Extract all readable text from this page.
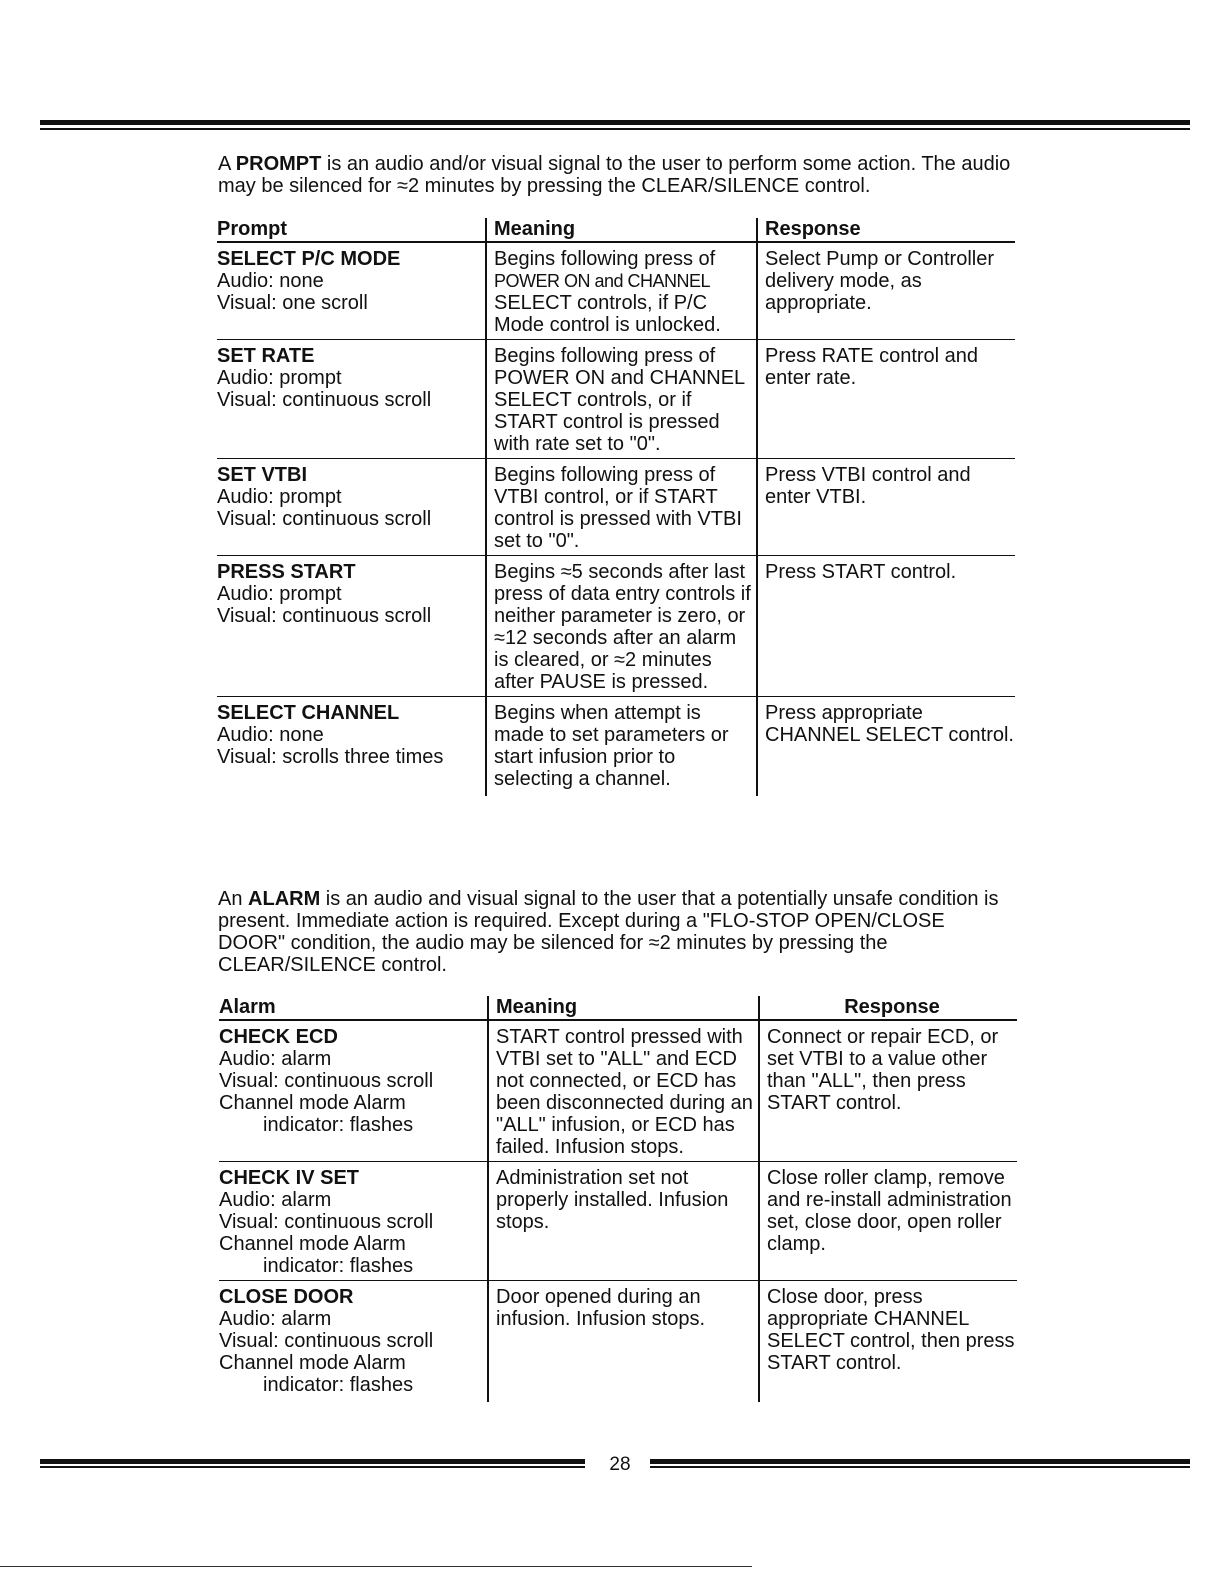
A PROMPT is an audio and/or visual signal to the user to perform some action. The audio may be silenced for ≈2 minutes by pressing the CLEAR/SILENCE control.

Prompt	Meaning	Response

SELECT P/C MODE
Audio: none
Visual: one scroll	Begins following press of
POWER ON and CHANNEL
SELECT controls, if P/C
Mode control is unlocked.	Select Pump or Controller delivery mode, as appropriate.

SET RATE
Audio: prompt
Visual: continuous scroll	Begins following press of POWER ON and CHANNEL SELECT controls, or if START control is pressed with rate set to "0".	Press RATE control and enter rate.

SET VTBI
Audio: prompt
Visual: continuous scroll	Begins following press of VTBI control, or if START control is pressed with VTBI set to "0".	Press VTBI control and enter VTBI.

PRESS START
Audio: prompt
Visual: continuous scroll	Begins ≈5 seconds after last press of data entry controls if neither parameter is zero, or ≈12 seconds after an alarm is cleared, or ≈2 minutes after PAUSE is pressed.	Press START control.

SELECT CHANNEL
Audio: none
Visual: scrolls three times	Begins when attempt is made to set parameters or start infusion prior to selecting a channel.	Press appropriate CHANNEL SELECT control.

An ALARM is an audio and visual signal to the user that a potentially unsafe condition is present. Immediate action is required. Except during a "FLO-STOP OPEN/CLOSE DOOR" condition, the audio may be silenced for ≈2 minutes by pressing the CLEAR/SILENCE control.

Alarm	Meaning	Response

CHECK ECD
Audio: alarm
Visual: continuous scroll
Channel mode Alarm
indicator: flashes	START control pressed with VTBI set to "ALL" and ECD not connected, or ECD has been disconnected during an "ALL" infusion, or ECD has failed. Infusion stops.	Connect or repair ECD, or set VTBI to a value other than "ALL", then press START control.

CHECK IV SET
Audio: alarm
Visual: continuous scroll
Channel mode Alarm
indicator: flashes	Administration set not properly installed. Infusion stops.	Close roller clamp, remove and re-install administration set, close door, open roller clamp.

CLOSE DOOR
Audio: alarm
Visual: continuous scroll
Channel mode Alarm
indicator: flashes	Door opened during an infusion. Infusion stops.	Close door, press appropriate CHANNEL SELECT control, then press START control.
28
